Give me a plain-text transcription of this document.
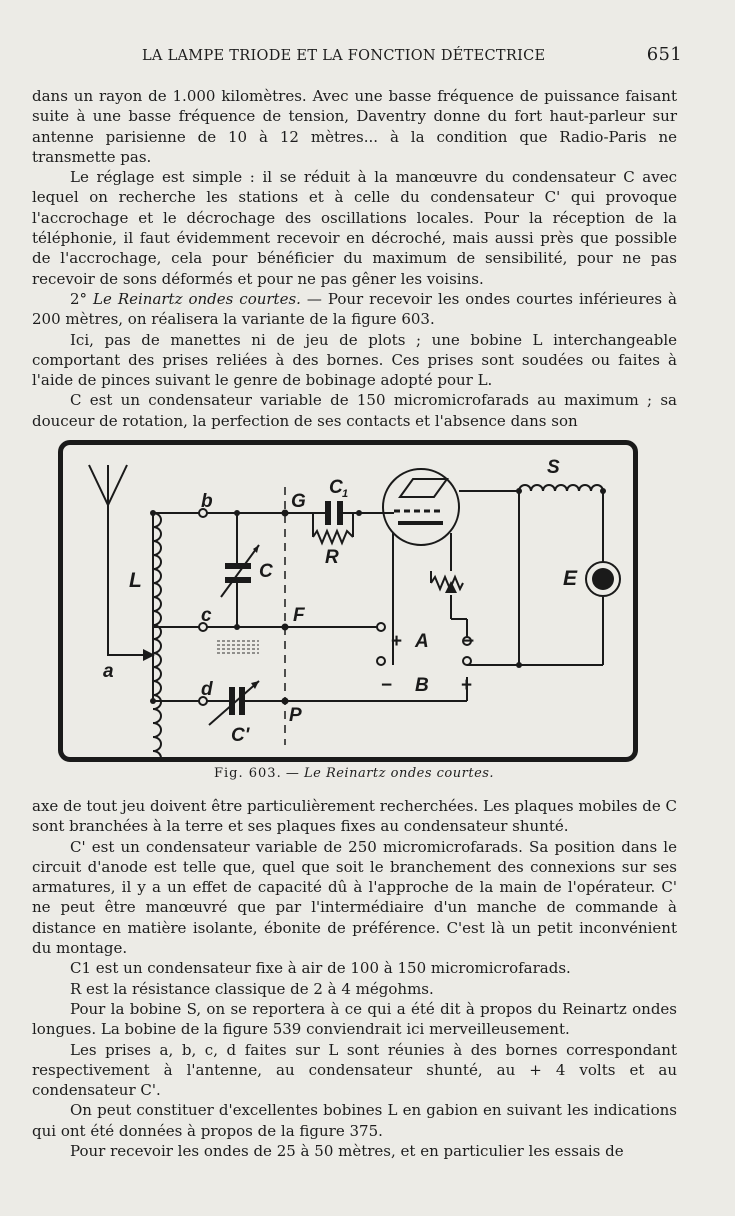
LA LAMPE TRIODE ET LA FONCTION DÉTECTRICE	651

dans un rayon de 1.000 kilomètres. Avec une basse fréquence de puissance faisant suite à une basse fréquence de tension, Daventry donne du fort haut-parleur sur antenne parisienne de 10 à 12 mètres... à la condition que Radio-Paris ne transmette pas.

Le réglage est simple : il se réduit à la manœuvre du condensateur C avec lequel on recherche les stations et à celle du condensateur C' qui provoque l'accrochage et le décrochage des oscillations locales. Pour la réception de la téléphonie, il faut évidemment recevoir en décroché, mais aussi près que possible de l'accrochage, cela pour bénéficier du maximum de sensibilité, pour ne pas recevoir de sons déformés et pour ne pas gêner les voisins.

2° Le Reinartz ondes courtes. — Pour recevoir les ondes courtes inférieures à 200 mètres, on réalisera la variante de la figure 603.

Ici, pas de manettes ni de jeu de plots ; une bobine L interchangeable comportant des prises reliées à des bornes. Ces prises sont soudées ou faites à l'aide de pinces suivant le genre de bobinage adopté pour L.

C est un condensateur variable de 150 micromicrofarads au maximum ; sa douceur de rotation, la perfection de ses contacts et l'absence dans son

b	G
C 1
S
L	C
R
E
c	F
+ A −
a
d	− B +
C'
P
Fig. 603. — Le Reinartz ondes courtes.

axe de tout jeu doivent être particulièrement recherchées. Les plaques mobiles de C sont branchées à la terre et ses plaques fixes au condensateur shunté.

C' est un condensateur variable de 250 micromicrofarads. Sa position dans le circuit d'anode est telle que, quel que soit le branchement des connexions sur ses armatures, il y a un effet de capacité dû à l'approche de la main de l'opérateur. C' ne peut être manœuvré que par l'intermédiaire d'un manche de commande à distance en matière isolante, ébonite de préférence. C'est là un petit inconvénient du montage.

C1 est un condensateur fixe à air de 100 à 150 micromicrofarads.

R est la résistance classique de 2 à 4 mégohms.

Pour la bobine S, on se reportera à ce qui a été dit à propos du Reinartz ondes longues. La bobine de la figure 539 conviendrait ici merveilleusement.

Les prises a, b, c, d faites sur L sont réunies à des bornes correspondant respectivement à l'antenne, au condensateur shunté, au + 4 volts et au condensateur C'.

On peut constituer d'excellentes bobines L en gabion en suivant les indications qui ont été données à propos de la figure 375.

Pour recevoir les ondes de 25 à 50 mètres, et en particulier les essais de
